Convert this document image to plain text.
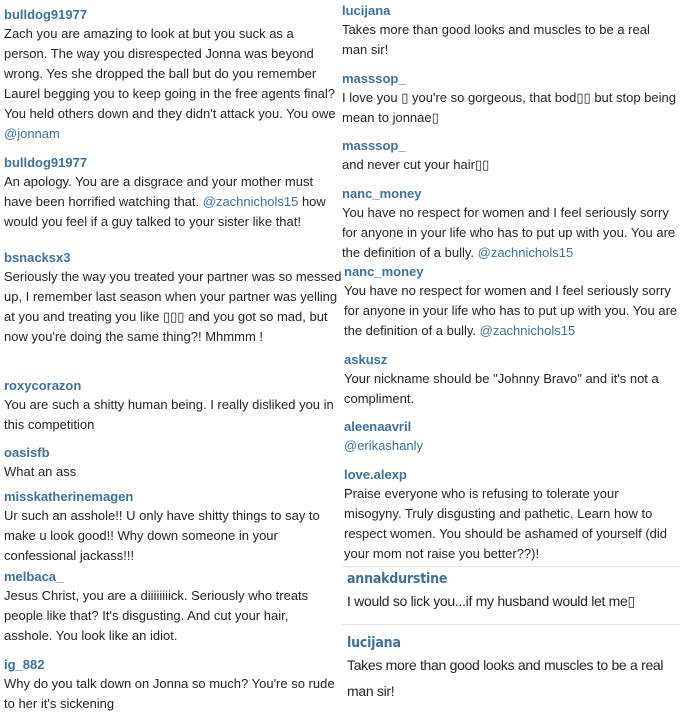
bulldog91977
Zach you are amazing to look at but you suck as a person. The way you disrespected Jonna was beyond wrong. Yes she dropped the ball but do you remember Laurel begging you to keep going in the free agents final? You held others down and they didn't attack you. You owe @jonnam
bulldog91977
An apology. You are a disgrace and your mother must have been horrified watching that. @zachnichols15 how would you feel if a guy talked to your sister like that!
bsnacksx3
Seriously the way you treated your partner was so messed up, I remember last season when your partner was yelling at you and treating you like ▯▯▯ and you got so mad, but now you're doing the same thing?! Mhmmm !
roxycorazon
You are such a shitty human being. I really disliked you in this competition
oasisfb
What an ass
misskatherinemagen
Ur such an asshole!! U only have shitty things to say to make u look good!! Why down someone in your confessional jackass!!!
melbaca_
Jesus Christ, you are a diiiiiiiick. Seriously who treats people like that? It's disgusting. And cut your hair, asshole. You look like an idiot.
ig_882
Why do you talk down on Jonna so much? You're so rude to her it's sickening
lucijana
Takes more than good looks and muscles to be a real man sir!
masssop_
I love you ▯ you're so gorgeous, that bod▯▯ but stop being mean to jonnae▯
masssop_
and never cut your hair▯▯
nanc_money
You have no respect for women and I feel seriously sorry for anyone in your life who has to put up with you. You are the definition of a bully. @zachnichols15
nanc_money
You have no respect for women and I feel seriously sorry for anyone in your life who has to put up with you. You are the definition of a bully. @zachnichols15
askusz
Your nickname should be "Johnny Bravo" and it's not a compliment.
aleenaavril
@erikashanly
love.alexp
Praise everyone who is refusing to tolerate your misogyny. Truly disgusting and pathetic. Learn how to respect women. You should be ashamed of yourself (did your mom not raise you better??)!
annakdurstine
I would so lick you...if my husband would let me▯
lucijana
Takes more than good looks and muscles to be a real man sir!
